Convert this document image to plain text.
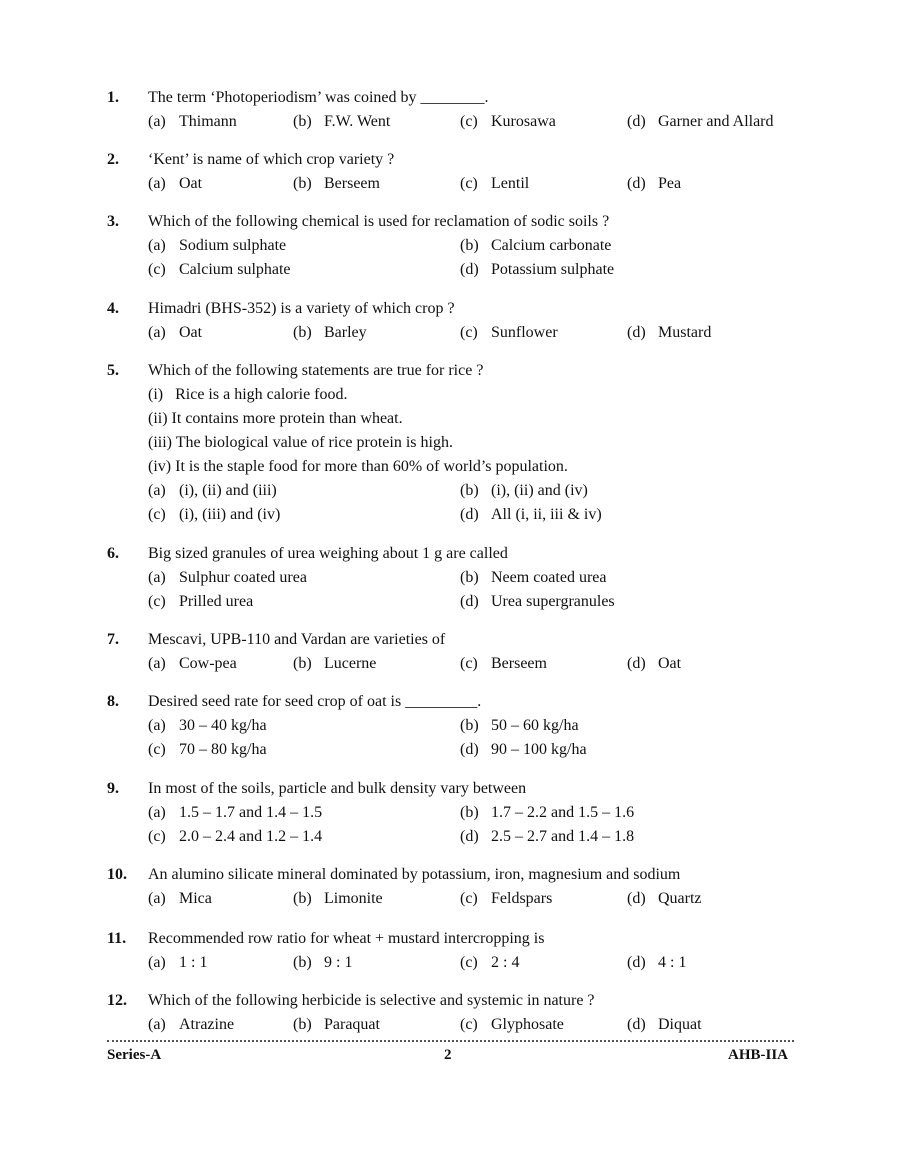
1. The term ‘Photoperiodism’ was coined by ________.
(a) Thimann	(b) F.W. Went	(c) Kurosawa	(d) Garner and Allard
2. ‘Kent’ is name of which crop variety ?
(a) Oat	(b) Berseem	(c) Lentil	(d) Pea
3. Which of the following chemical is used for reclamation of sodic soils ?
(a) Sodium sulphate	(b) Calcium carbonate
(c) Calcium sulphate	(d) Potassium sulphate
4. Himadri (BHS-352) is a variety of which crop ?
(a) Oat	(b) Barley	(c) Sunflower	(d) Mustard
5. Which of the following statements are true for rice ?
(i) Rice is a high calorie food.
(ii) It contains more protein than wheat.
(iii) The biological value of rice protein is high.
(iv) It is the staple food for more than 60% of world’s population.
(a) (i), (ii) and (iii)	(b) (i), (ii) and (iv)
(c) (i), (iii) and (iv)	(d) All (i, ii, iii & iv)
6. Big sized granules of urea weighing about 1 g are called
(a) Sulphur coated urea	(b) Neem coated urea
(c) Prilled urea	(d) Urea supergranules
7. Mescavi, UPB-110 and Vardan are varieties of
(a) Cow-pea	(b) Lucerne	(c) Berseem	(d) Oat
8. Desired seed rate for seed crop of oat is _________.
(a) 30 – 40 kg/ha	(b) 50 – 60 kg/ha
(c) 70 – 80 kg/ha	(d) 90 – 100 kg/ha
9. In most of the soils, particle and bulk density vary between
(a) 1.5 – 1.7 and 1.4 – 1.5	(b) 1.7 – 2.2 and 1.5 – 1.6
(c) 2.0 – 2.4 and 1.2 – 1.4	(d) 2.5 – 2.7 and 1.4 – 1.8
10. An alumino silicate mineral dominated by potassium, iron, magnesium and sodium
(a) Mica	(b) Limonite	(c) Feldspars	(d) Quartz
11. Recommended row ratio for wheat + mustard intercropping is
(a) 1 : 1	(b) 9 : 1	(c) 2 : 4	(d) 4 : 1
12. Which of the following herbicide is selective and systemic in nature ?
(a) Atrazine	(b) Paraquat	(c) Glyphosate	(d) Diquat
Series-A	2	AHB-IIA
